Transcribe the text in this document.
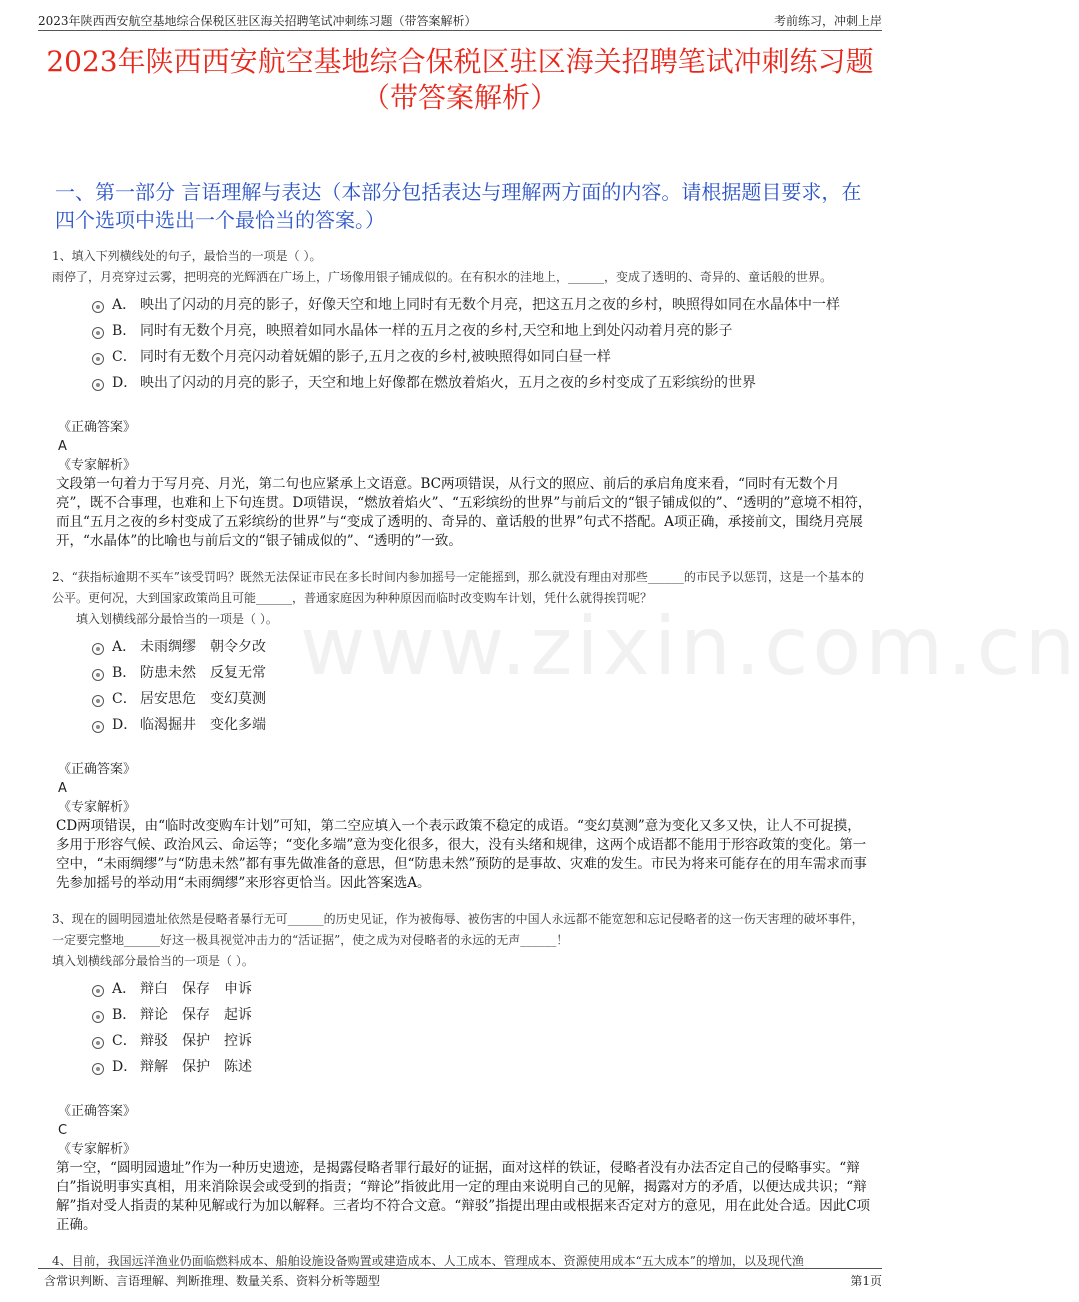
2023年陕西西安航空基地综合保税区驻区海关招聘笔试冲刺练习题（带答案解析）	考前练习，冲刺上岸
2023年陕西西安航空基地综合保税区驻区海关招聘笔试冲刺练习题（带答案解析）
一、第一部分 言语理解与表达（本部分包括表达与理解两方面的内容。请根据题目要求，在四个选项中选出一个最恰当的答案。）
www.zixin.com.cn
1、填入下列横线处的句子，最恰当的一项是（ ）。
雨停了，月亮穿过云雾，把明亮的光辉洒在广场上，广场像用银子铺成似的。在有积水的洼地上，______，变成了透明的、奇异的、童话般的世界。
A． 映出了闪动的月亮的影子，好像天空和地上同时有无数个月亮，把这五月之夜的乡村，映照得如同在水晶体中一样
B． 同时有无数个月亮，映照着如同水晶体一样的五月之夜的乡村,天空和地上到处闪动着月亮的影子
C． 同时有无数个月亮闪动着妩媚的影子,五月之夜的乡村,被映照得如同白昼一样
D． 映出了闪动的月亮的影子，天空和地上好像都在燃放着焰火，五月之夜的乡村变成了五彩缤纷的世界
《正确答案》
A
《专家解析》
文段第一句着力于写月亮、月光，第二句也应紧承上文语意。BC两项错误，从行文的照应、前后的承启角度来看，“同时有无数个月亮”，既不合事理，也难和上下句连贯。D项错误，“燃放着焰火”、“五彩缤纷的世界”与前后文的“银子铺成似的”、“透明的”意境不相符，而且“五月之夜的乡村变成了五彩缤纷的世界”与“变成了透明的、奇异的、童话般的世界”句式不搭配。A项正确，承接前文，围绕月亮展开，“水晶体”的比喻也与前后文的“银子铺成似的”、“透明的”一致。
2、“获指标逾期不买车”该受罚吗？既然无法保证市民在多长时间内参加摇号一定能摇到，那么就没有理由对那些______的市民予以惩罚，这是一个基本的公平。更何况，大到国家政策尚且可能______，普通家庭因为种种原因而临时改变购车计划，凭什么就得挨罚呢？
填入划横线部分最恰当的一项是（ ）。
A． 未雨绸缪　朝令夕改
B． 防患未然　反复无常
C． 居安思危　变幻莫测
D． 临渴掘井　变化多端
《正确答案》
A
《专家解析》
CD两项错误，由“临时改变购车计划”可知，第二空应填入一个表示政策不稳定的成语。“变幻莫测”意为变化又多又快，让人不可捉摸，多用于形容气候、政治风云、命运等；“变化多端”意为变化很多，很大，没有头绪和规律，这两个成语都不能用于形容政策的变化。第一空中，“未雨绸缪”与“防患未然”都有事先做准备的意思，但“防患未然”预防的是事故、灾难的发生。市民为将来可能存在的用车需求而事先参加摇号的举动用“未雨绸缪”来形容更恰当。因此答案选A。
3、现在的圆明园遗址依然是侵略者暴行无可______的历史见证，作为被侮辱、被伤害的中国人永远都不能宽恕和忘记侵略者的这一伤天害理的破坏事件，一定要完整地______好这一极具视觉冲击力的“活证据”，使之成为对侵略者的永远的无声______！
填入划横线部分最恰当的一项是（ ）。
A． 辩白　保存　申诉
B． 辩论　保存　起诉
C． 辩驳　保护　控诉
D． 辩解　保护　陈述
《正确答案》
C
《专家解析》
第一空，“圆明园遗址”作为一种历史遗迹，是揭露侵略者罪行最好的证据，面对这样的铁证，侵略者没有办法否定自己的侵略事实。“辩白”指说明事实真相，用来消除误会或受到的指责；“辩论”指彼此用一定的理由来说明自己的见解，揭露对方的矛盾，以便达成共识；“辩解”指对受人指责的某种见解或行为加以解释。三者均不符合文意。“辩驳”指提出理由或根据来否定对方的意见，用在此处合适。因此C项正确。
4、目前，我国远洋渔业仍面临燃料成本、船舶设施设备购置或建造成本、人工成本、管理成本、资源使用成本“五大成本”的增加，以及现代渔
含常识判断、言语理解、判断推理、数量关系、资料分析等题型	第1页
